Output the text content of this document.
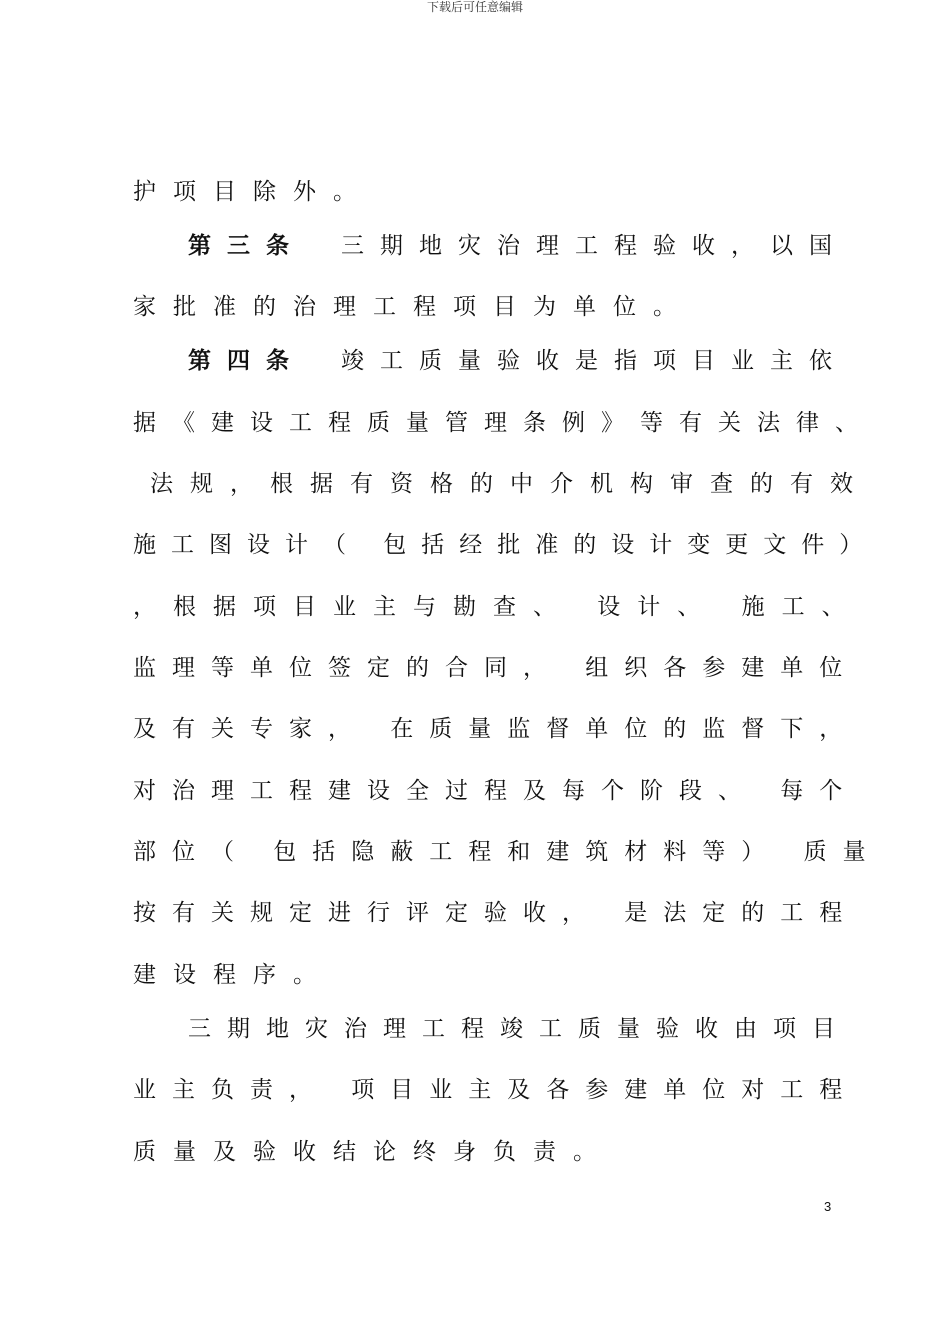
下载后可任意编辑
护项目除外。
第三条 三期地灾治理工程验收，以国
家批准的治理工程项目为单位。
第四条 竣工质量验收是指项目业主依
据《建设工程质量管理条例》等有关法律、
法规，根据有资格的中介机构审查的有效
施工图设计（ 包括经批准的设计变更文件）
，根据项目业主与勘查、 设计、 施工、
监理等单位签定的合同， 组织各参建单位
及有关专家， 在质量监督单位的监督下，
对治理工程建设全过程及每个阶段、 每个
部位（ 包括隐蔽工程和建筑材料等） 质量
按有关规定进行评定验收， 是法定的工程
建设程序。
三期地灾治理工程竣工质量验收由项目
业主负责， 项目业主及各参建单位对工程
质量及验收结论终身负责。
3
